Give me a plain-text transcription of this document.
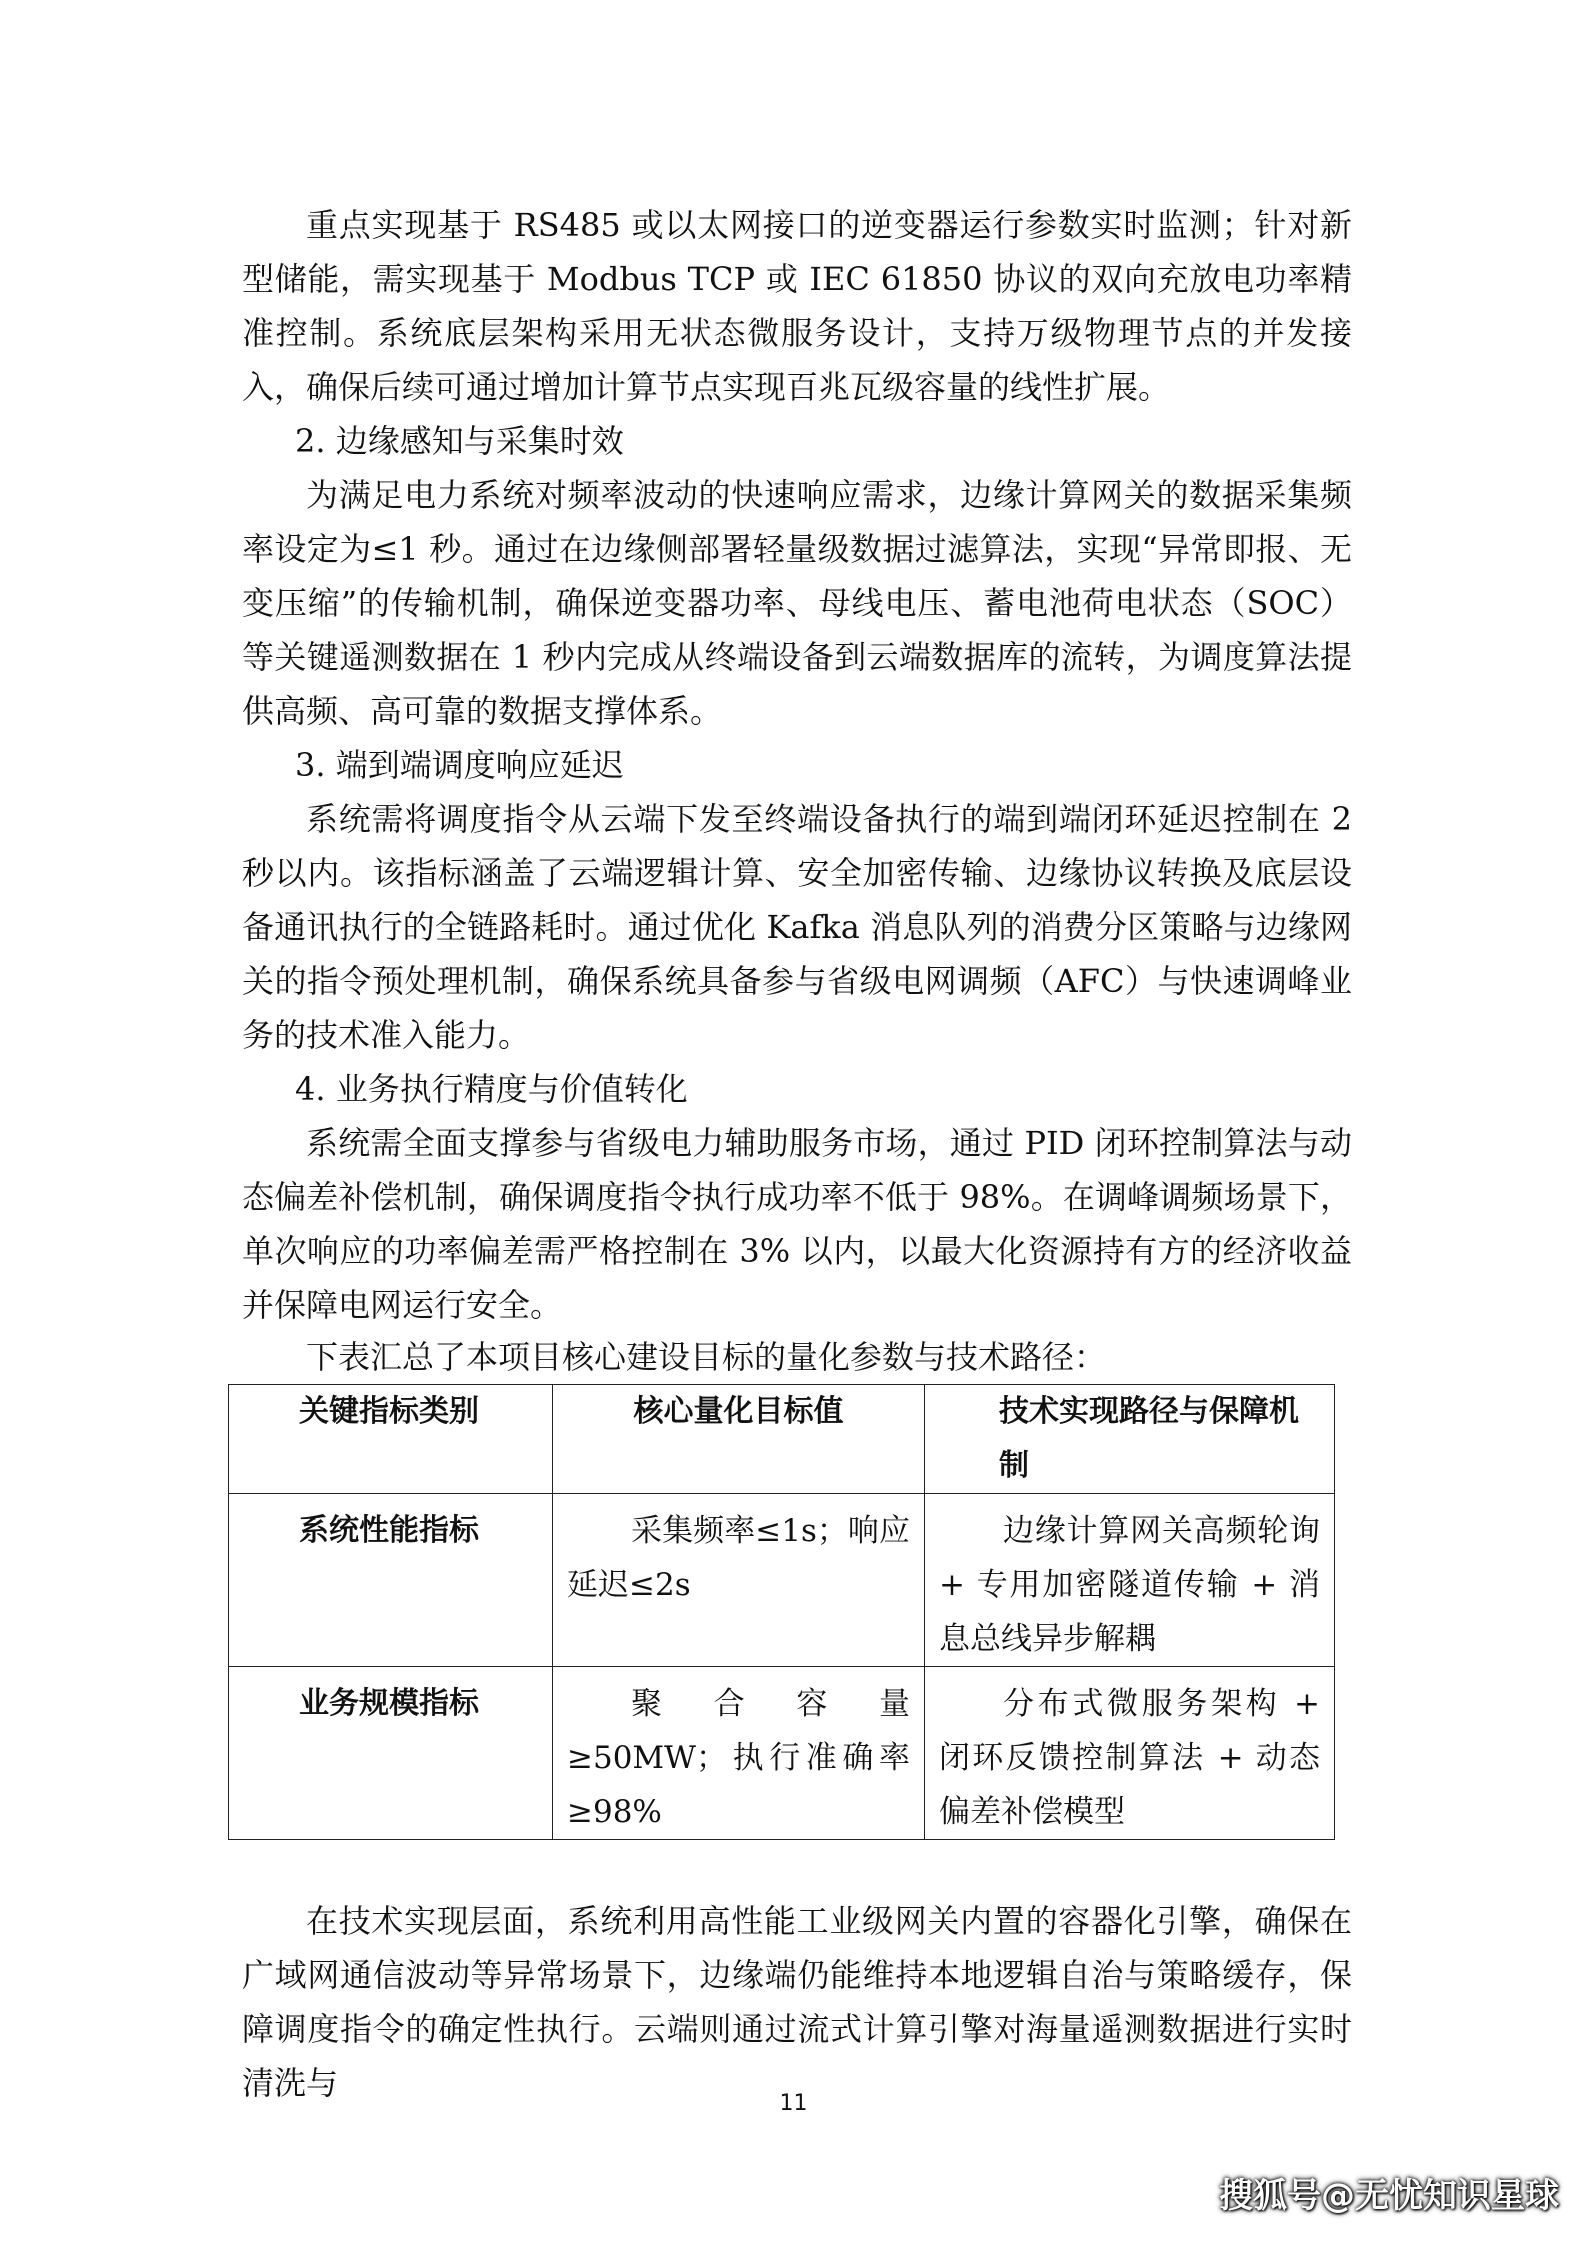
重点实现基于 RS485 或以太网接口的逆变器运行参数实时监测；针对新型储能，需实现基于 Modbus TCP 或 IEC 61850 协议的双向充放电功率精准控制。系统底层架构采用无状态微服务设计，支持万级物理节点的并发接入，确保后续可通过增加计算节点实现百兆瓦级容量的线性扩展。

2. 边缘感知与采集时效

为满足电力系统对频率波动的快速响应需求，边缘计算网关的数据采集频率设定为≤1 秒。通过在边缘侧部署轻量级数据过滤算法，实现“异常即报、无变压缩”的传输机制，确保逆变器功率、母线电压、蓄电池荷电状态（SOC）等关键遥测数据在 1 秒内完成从终端设备到云端数据库的流转，为调度算法提供高频、高可靠的数据支撑体系。

3. 端到端调度响应延迟

系统需将调度指令从云端下发至终端设备执行的端到端闭环延迟控制在 2 秒以内。该指标涵盖了云端逻辑计算、安全加密传输、边缘协议转换及底层设备通讯执行的全链路耗时。通过优化 Kafka 消息队列的消费分区策略与边缘网关的指令预处理机制，确保系统具备参与省级电网调频（AFC）与快速调峰业务的技术准入能力。

4. 业务执行精度与价值转化

系统需全面支撑参与省级电力辅助服务市场，通过 PID 闭环控制算法与动态偏差补偿机制，确保调度指令执行成功率不低于 98%。在调峰调频场景下，单次响应的功率偏差需严格控制在 3% 以内，以最大化资源持有方的经济收益并保障电网运行安全。

下表汇总了本项目核心建设目标的量化参数与技术路径：

关键指标类别	核心量化目标值	技术实现路径与保障机制
系统性能指标	采集频率≤1s；响应延迟≤2s	边缘计算网关高频轮询 + 专用加密隧道传输 + 消息总线异步解耦
业务规模指标	聚合容量≥50MW；执行准确率≥98%	分布式微服务架构 + 闭环反馈控制算法 + 动态偏差补偿模型

在技术实现层面，系统利用高性能工业级网关内置的容器化引擎，确保在广域网通信波动等异常场景下，边缘端仍能维持本地逻辑自治与策略缓存，保障调度指令的确定性执行。云端则通过流式计算引擎对海量遥测数据进行实时清洗与

11
搜狐号@无忧知识星球
